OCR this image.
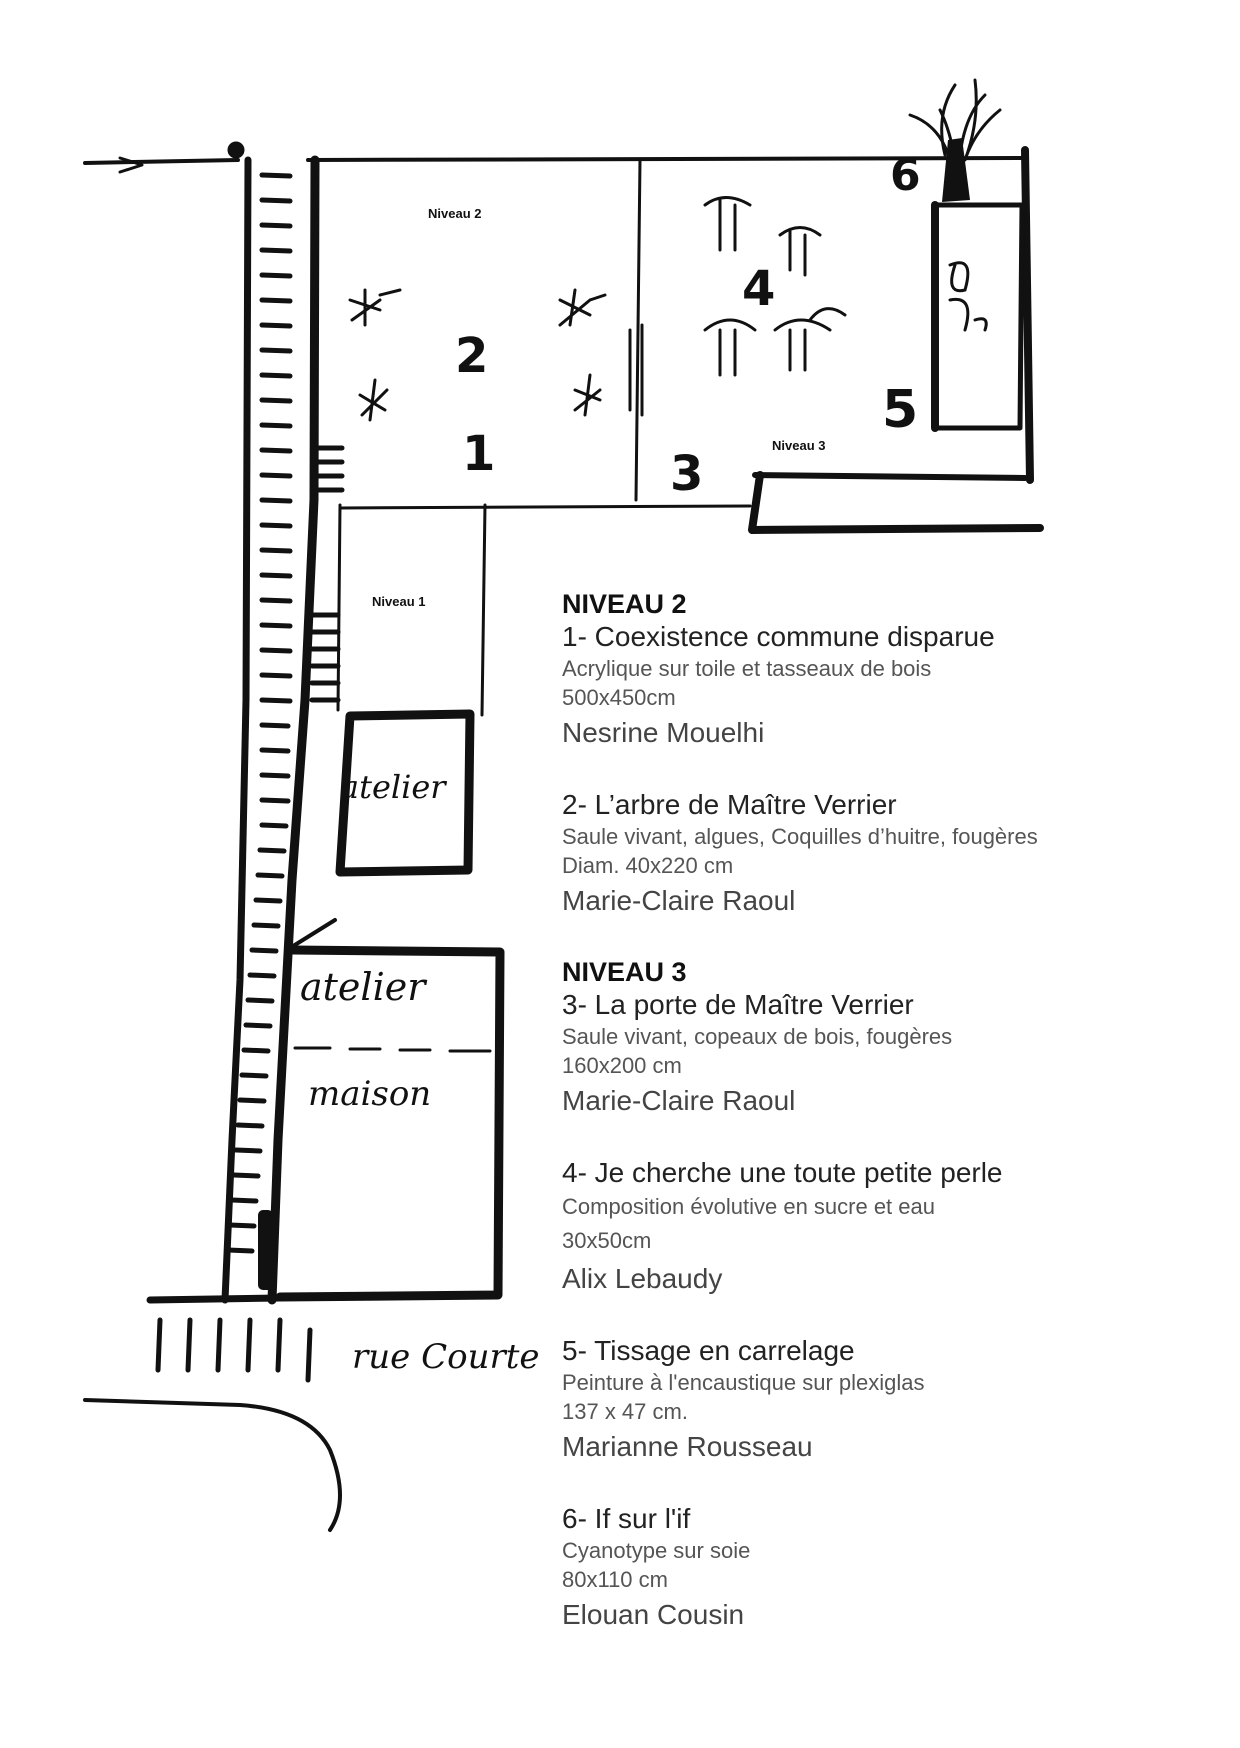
Niveau 2
Niveau 3
Niveau 1
atelier
atelier
maison
rue Courte
2
1	3
4
5
6
NIVEAU 2
1- Coexistence commune disparue
Acrylique sur toile et tasseaux de bois
500x450cm
Nesrine Mouelhi
2- L’arbre de Maître Verrier
Saule vivant, algues, Coquilles d’huitre, fougères
Diam. 40x220 cm
Marie-Claire Raoul
NIVEAU 3
3- La porte de Maître Verrier
Saule vivant, copeaux de bois, fougères
160x200 cm
Marie-Claire Raoul
4- Je cherche une toute petite perle
Composition évolutive en sucre et eau
30x50cm
Alix Lebaudy
5- Tissage en carrelage
Peinture à l'encaustique sur plexiglas
137 x 47 cm.
Marianne Rousseau
6- If sur l'if
Cyanotype sur soie
80x110 cm
Elouan Cousin
